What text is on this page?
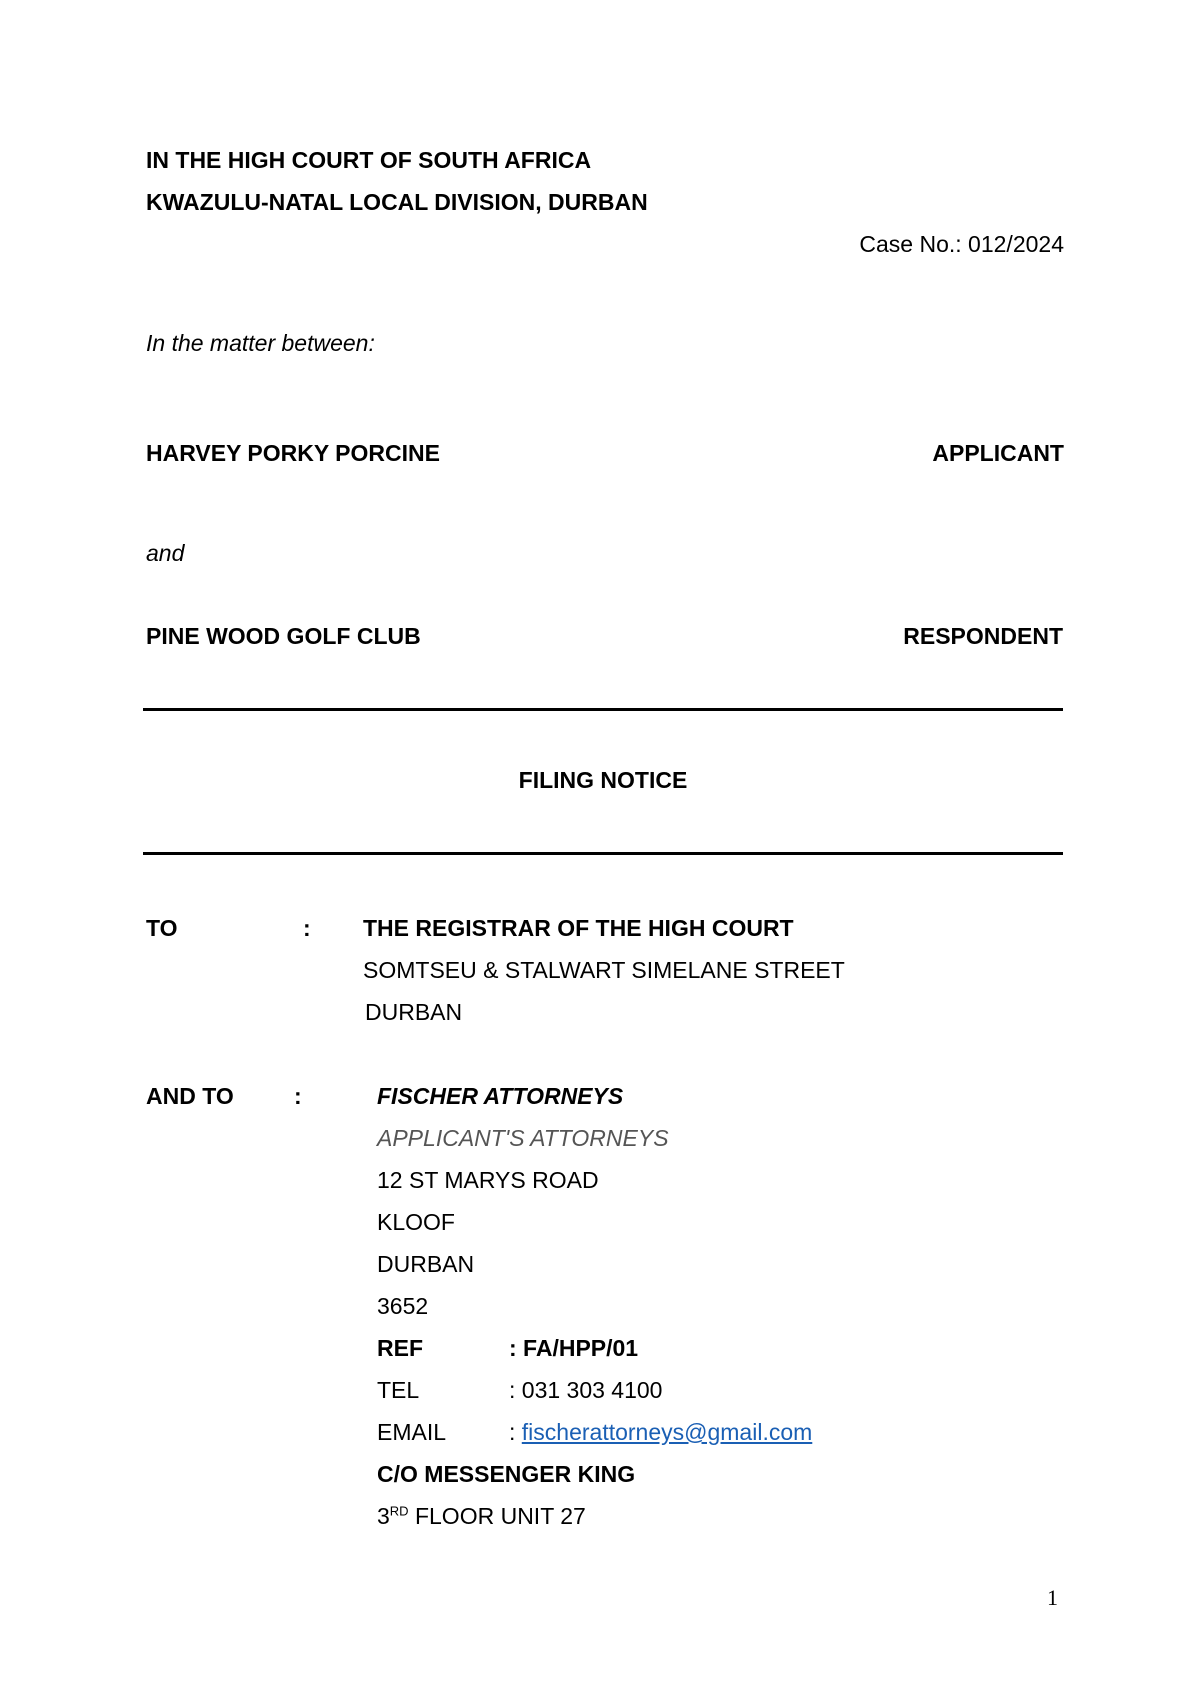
IN THE HIGH COURT OF SOUTH AFRICA
KWAZULU-NATAL LOCAL DIVISION, DURBAN
Case No.: 012/2024
In the matter between:
HARVEY PORKY PORCINE	APPLICANT
and
PINE WOOD GOLF CLUB	RESPONDENT
FILING NOTICE
TO	: THE REGISTRAR OF THE HIGH COURT
SOMTSEU & STALWART SIMELANE STREET
DURBAN
AND TO	:	FISCHER ATTORNEYS
APPLICANT'S ATTORNEYS
12 ST MARYS ROAD
KLOOF
DURBAN
3652
REF	: FA/HPP/01
TEL	: 031 303 4100
EMAIL	: fischerattorneys@gmail.com
C/O MESSENGER KING
3RD FLOOR UNIT 27
1
